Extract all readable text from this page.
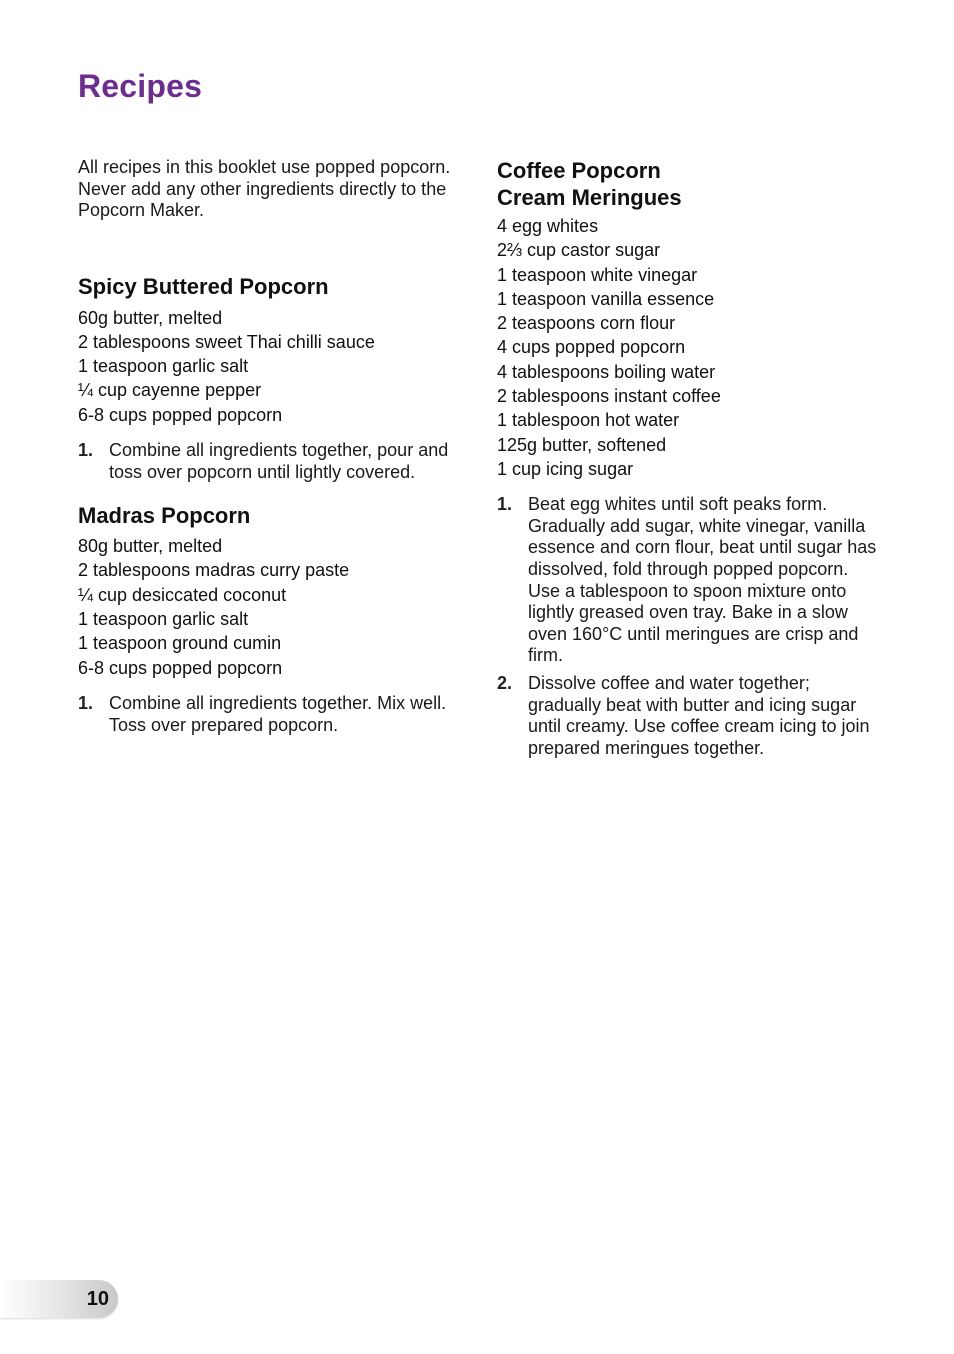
Recipes

All recipes in this booklet use popped popcorn. Never add any other ingredients directly to the Popcorn Maker.

Spicy Buttered Popcorn
60g butter, melted
2 tablespoons sweet Thai chilli sauce
1 teaspoon garlic salt
¼ cup cayenne pepper
6-8 cups popped popcorn
1. Combine all ingredients together, pour and toss over popcorn until lightly covered.
Madras Popcorn
80g butter, melted
2 tablespoons madras curry paste
¼ cup desiccated coconut
1 teaspoon garlic salt
1 teaspoon ground cumin
6-8 cups popped popcorn
1. Combine all ingredients together. Mix well. Toss over prepared popcorn.
Coffee Popcorn
Cream Meringues
4 egg whites
2⅔ cup castor sugar
1 teaspoon white vinegar
1 teaspoon vanilla essence
2 teaspoons corn flour
4 cups popped popcorn
4 tablespoons boiling water
2 tablespoons instant coffee
1 tablespoon hot water
125g butter, softened
1 cup icing sugar
1. Beat egg whites until soft peaks form. Gradually add sugar, white vinegar, vanilla essence and corn flour, beat until sugar has dissolved, fold through popped popcorn. Use a tablespoon to spoon mixture onto lightly greased oven tray. Bake in a slow oven 160°C until meringues are crisp and firm.
2. Dissolve coffee and water together; gradually beat with butter and icing sugar until creamy. Use coffee cream icing to join prepared meringues together.
10
